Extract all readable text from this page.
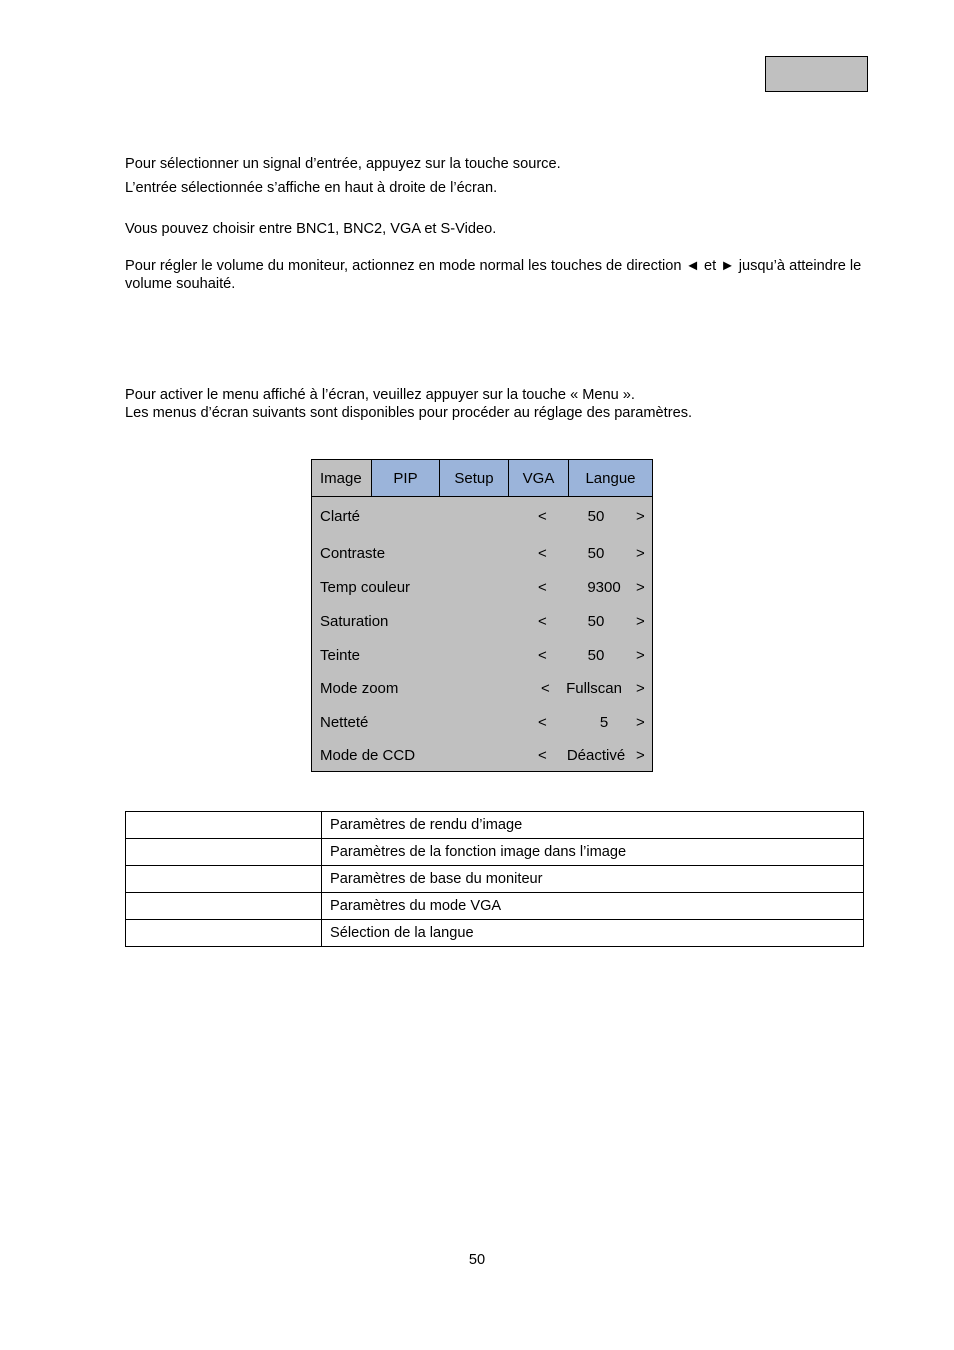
Pour sélectionner un signal d’entrée, appuyez sur la touche source.
L’entrée sélectionnée s’affiche en haut à droite de l’écran.
Vous pouvez choisir entre BNC1, BNC2, VGA et S-Video.
Pour régler le volume du moniteur, actionnez en mode normal les touches de direction ◄ et ► jusqu’à atteindre le volume souhaité.
Pour activer le menu affiché à l’écran, veuillez appuyer sur la touche « Menu ».
Les menus d’écran suivants sont disponibles pour procéder au réglage des paramètres.
Image	PIP	Setup	VGA	Langue
Clarté	<	50	>
Contraste	<	50	>
Temp couleur	<	9300	>
Saturation	<	50	>
Teinte	<	50	>
Mode zoom	<	Fullscan >
Netteté	<	5	>
Mode de CCD	<	Déactivé >
	Paramètres de rendu d’image
	Paramètres de la fonction image dans l’image
	Paramètres de base du moniteur
	Paramètres du mode VGA
	Sélection de la langue
50
